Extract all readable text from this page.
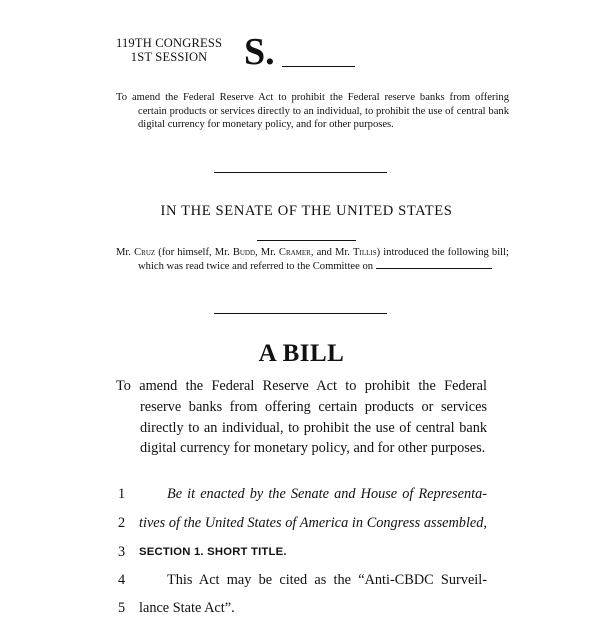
119TH CONGRESS
1ST SESSION S.
To amend the Federal Reserve Act to prohibit the Federal reserve banks from offering certain products or services directly to an individual, to prohibit the use of central bank digital currency for monetary policy, and for other purposes.
IN THE SENATE OF THE UNITED STATES
Mr. Cruz (for himself, Mr. Budd, Mr. Cramer, and Mr. Tillis) introduced the following bill; which was read twice and referred to the Committee on
A BILL
To amend the Federal Reserve Act to prohibit the Federal reserve banks from offering certain products or services directly to an individual, to prohibit the use of central bank digital currency for monetary policy, and for other purposes.
1	Be it enacted by the Senate and House of Representa-
2 tives of the United States of America in Congress assembled,
3	SECTION 1. SHORT TITLE.
4	This Act may be cited as the “Anti-CBDC Surveil-
5 lance State Act”.
